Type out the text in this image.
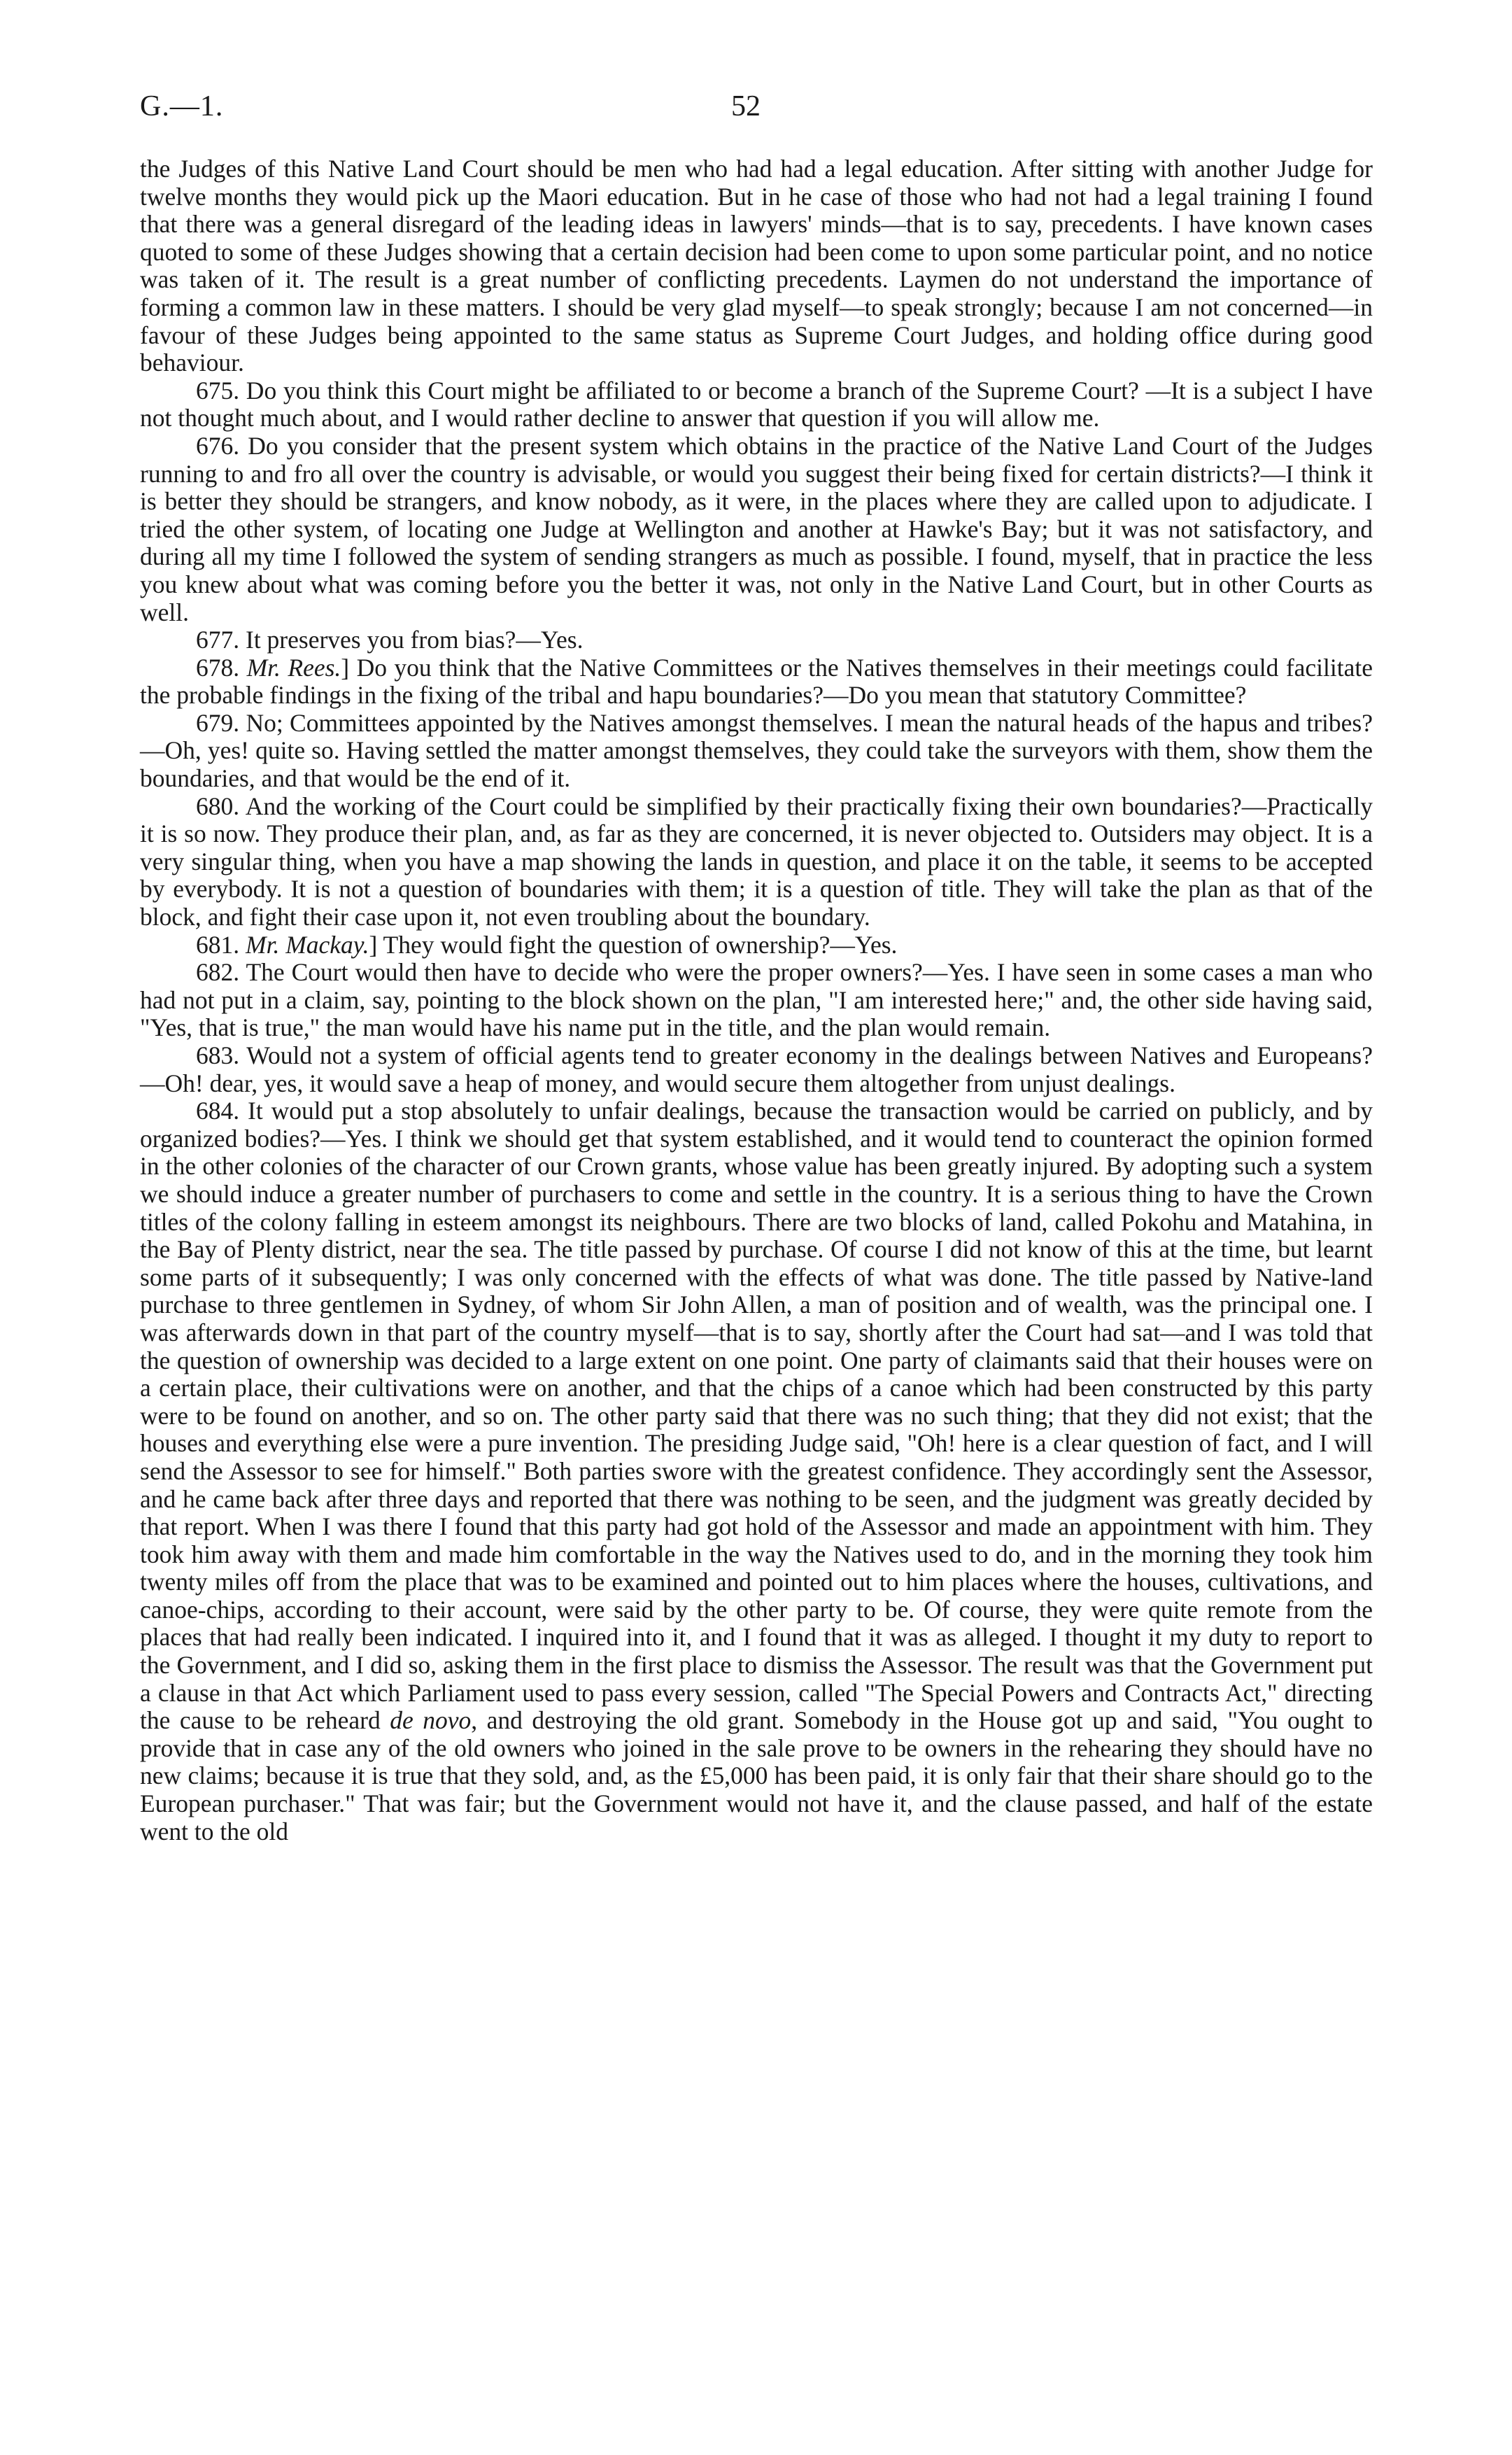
G.—1.	52

the Judges of this Native Land Court should be men who had had a legal education. After sitting with another Judge for twelve months they would pick up the Maori education. But in he case of those who had not had a legal training I found that there was a general disregard of the leading ideas in lawyers' minds—that is to say, precedents. I have known cases quoted to some of these Judges showing that a certain decision had been come to upon some particular point, and no notice was taken of it. The result is a great number of conflicting precedents. Laymen do not understand the importance of forming a common law in these matters. I should be very glad myself—to speak strongly; because I am not concerned—in favour of these Judges being appointed to the same status as Supreme Court Judges, and holding office during good behaviour.

675. Do you think this Court might be affiliated to or become a branch of the Supreme Court? —It is a subject I have not thought much about, and I would rather decline to answer that question if you will allow me.

676. Do you consider that the present system which obtains in the practice of the Native Land Court of the Judges running to and fro all over the country is advisable, or would you suggest their being fixed for certain districts?—I think it is better they should be strangers, and know nobody, as it were, in the places where they are called upon to adjudicate. I tried the other system, of locating one Judge at Wellington and another at Hawke's Bay; but it was not satisfactory, and during all my time I followed the system of sending strangers as much as possible. I found, myself, that in practice the less you knew about what was coming before you the better it was, not only in the Native Land Court, but in other Courts as well.

677. It preserves you from bias?—Yes.

678. Mr. Rees.] Do you think that the Native Committees or the Natives themselves in their meetings could facilitate the probable findings in the fixing of the tribal and hapu boundaries?—Do you mean that statutory Committee?

679. No; Committees appointed by the Natives amongst themselves. I mean the natural heads of the hapus and tribes?—Oh, yes! quite so. Having settled the matter amongst themselves, they could take the surveyors with them, show them the boundaries, and that would be the end of it.

680. And the working of the Court could be simplified by their practically fixing their own boundaries?—Practically it is so now. They produce their plan, and, as far as they are concerned, it is never objected to. Outsiders may object. It is a very singular thing, when you have a map showing the lands in question, and place it on the table, it seems to be accepted by everybody. It is not a question of boundaries with them; it is a question of title. They will take the plan as that of the block, and fight their case upon it, not even troubling about the boundary.

681. Mr. Mackay.] They would fight the question of ownership?—Yes.

682. The Court would then have to decide who were the proper owners?—Yes. I have seen in some cases a man who had not put in a claim, say, pointing to the block shown on the plan, "I am interested here;" and, the other side having said, "Yes, that is true," the man would have his name put in the title, and the plan would remain.

683. Would not a system of official agents tend to greater economy in the dealings between Natives and Europeans?—Oh! dear, yes, it would save a heap of money, and would secure them altogether from unjust dealings.

684. It would put a stop absolutely to unfair dealings, because the transaction would be carried on publicly, and by organized bodies?—Yes. I think we should get that system established, and it would tend to counteract the opinion formed in the other colonies of the character of our Crown grants, whose value has been greatly injured. By adopting such a system we should induce a greater number of purchasers to come and settle in the country. It is a serious thing to have the Crown titles of the colony falling in esteem amongst its neighbours. There are two blocks of land, called Pokohu and Matahina, in the Bay of Plenty district, near the sea. The title passed by purchase. Of course I did not know of this at the time, but learnt some parts of it subsequently; I was only concerned with the effects of what was done. The title passed by Native-land purchase to three gentlemen in Sydney, of whom Sir John Allen, a man of position and of wealth, was the principal one. I was afterwards down in that part of the country myself—that is to say, shortly after the Court had sat—and I was told that the question of ownership was decided to a large extent on one point. One party of claimants said that their houses were on a certain place, their cultivations were on another, and that the chips of a canoe which had been constructed by this party were to be found on another, and so on. The other party said that there was no such thing; that they did not exist; that the houses and everything else were a pure invention. The presiding Judge said, "Oh! here is a clear question of fact, and I will send the Assessor to see for himself." Both parties swore with the greatest confidence. They accordingly sent the Assessor, and he came back after three days and reported that there was nothing to be seen, and the judgment was greatly decided by that report. When I was there I found that this party had got hold of the Assessor and made an appointment with him. They took him away with them and made him comfortable in the way the Natives used to do, and in the morning they took him twenty miles off from the place that was to be examined and pointed out to him places where the houses, cultivations, and canoe-chips, according to their account, were said by the other party to be. Of course, they were quite remote from the places that had really been indicated. I inquired into it, and I found that it was as alleged. I thought it my duty to report to the Government, and I did so, asking them in the first place to dismiss the Assessor. The result was that the Government put a clause in that Act which Parliament used to pass every session, called "The Special Powers and Contracts Act," directing the cause to be reheard de novo, and destroying the old grant. Somebody in the House got up and said, "You ought to provide that in case any of the old owners who joined in the sale prove to be owners in the rehearing they should have no new claims; because it is true that they sold, and, as the £5,000 has been paid, it is only fair that their share should go to the European purchaser." That was fair; but the Government would not have it, and the clause passed, and half of the estate went to the old
